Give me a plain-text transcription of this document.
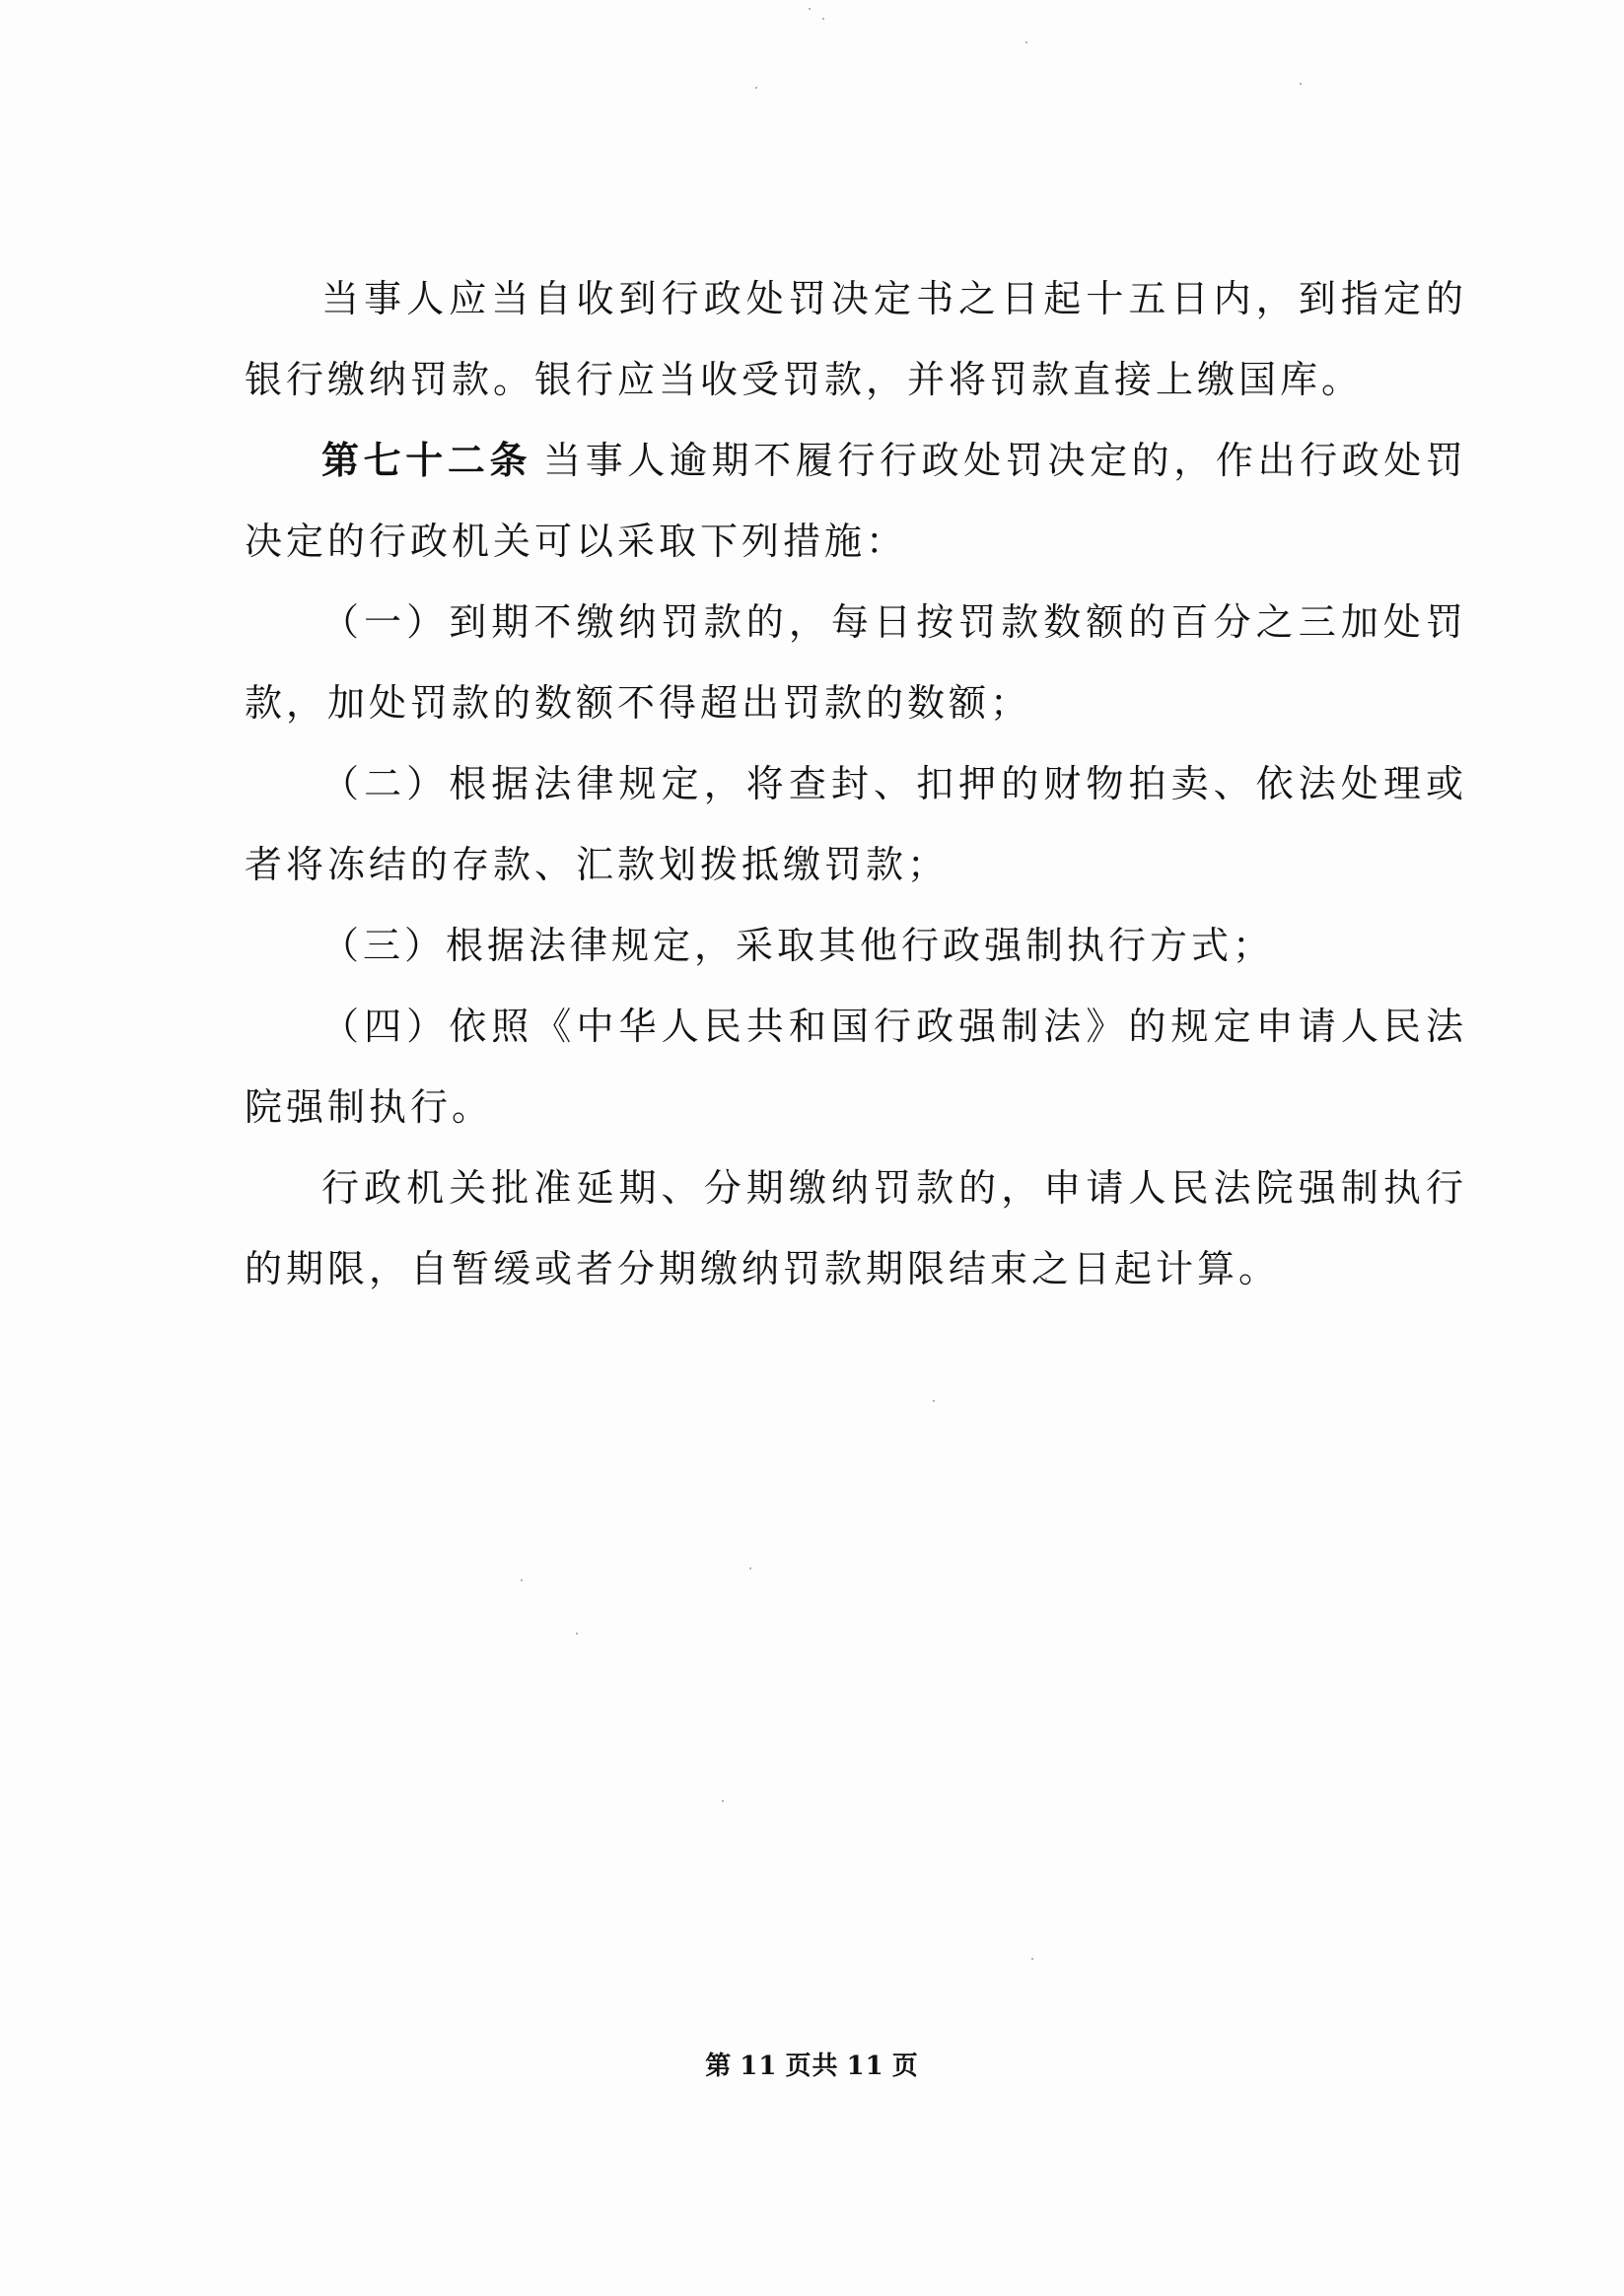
当事人应当自收到行政处罚决定书之日起十五日内，到指定的银行缴纳罚款。银行应当收受罚款，并将罚款直接上缴国库。

第七十二条 当事人逾期不履行行政处罚决定的，作出行政处罚决定的行政机关可以采取下列措施：

（一）到期不缴纳罚款的，每日按罚款数额的百分之三加处罚款，加处罚款的数额不得超出罚款的数额；

（二）根据法律规定，将查封、扣押的财物拍卖、依法处理或者将冻结的存款、汇款划拨抵缴罚款；

（三）根据法律规定，采取其他行政强制执行方式；

（四）依照《中华人民共和国行政强制法》的规定申请人民法院强制执行。

行政机关批准延期、分期缴纳罚款的，申请人民法院强制执行的期限，自暂缓或者分期缴纳罚款期限结束之日起计算。

第 11 页共 11 页
